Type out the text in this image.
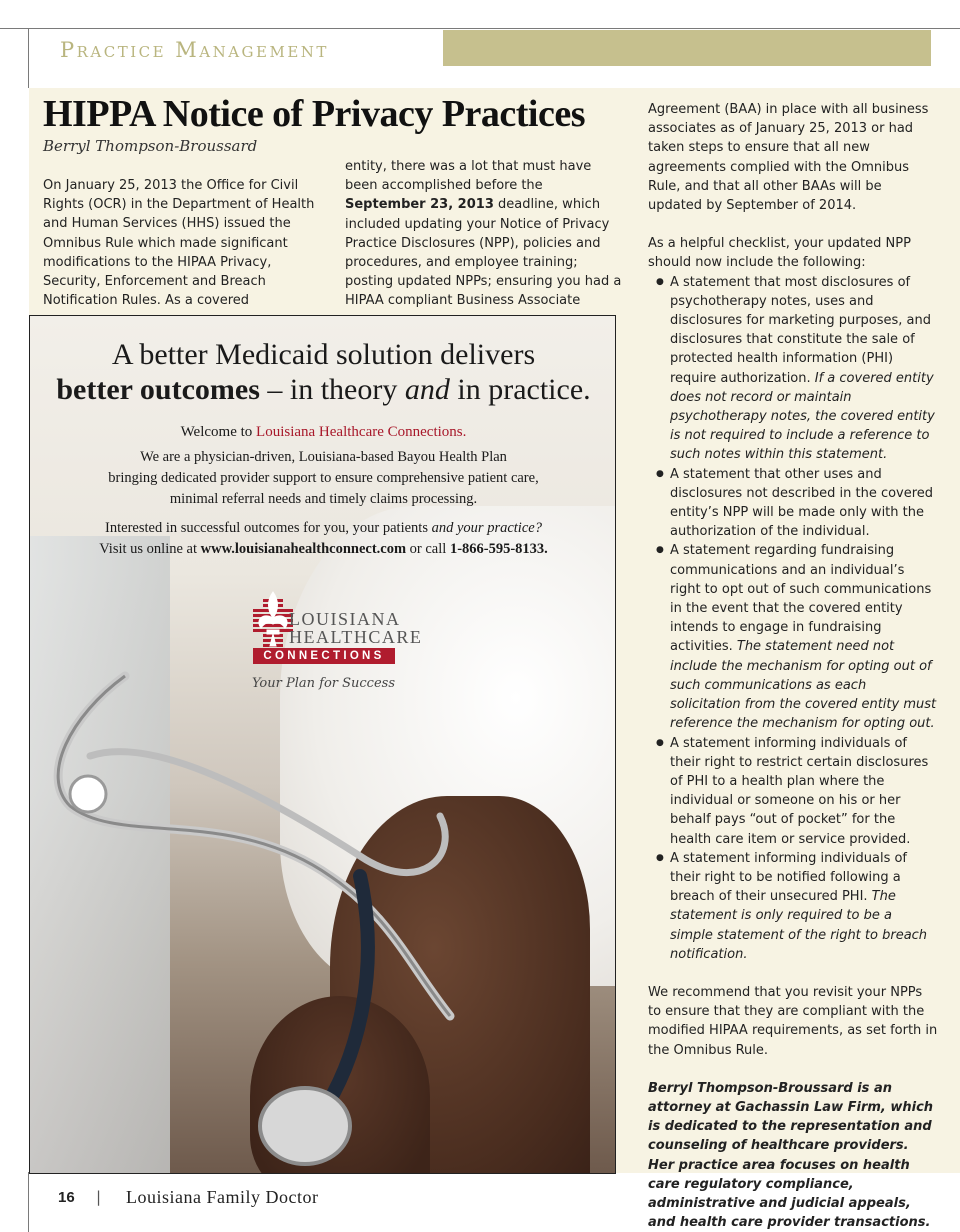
Practice Management
HIPPA Notice of Privacy Practices
Berryl Thompson-Broussard

On January 25, 2013 the Office for Civil Rights (OCR) in the Department of Health and Human Services (HHS) issued the Omnibus Rule which made significant modifications to the HIPAA Privacy, Security, Enforcement and Breach Notification Rules. As a covered

entity, there was a lot that must have been accomplished before the September 23, 2013 deadline, which included updating your Notice of Privacy Practice Disclosures (NPP), policies and procedures, and employee training; posting updated NPPs; ensuring you had a HIPAA compliant Business Associate

Agreement (BAA) in place with all business associates as of January 25, 2013 or had taken steps to ensure that all new agreements complied with the Omnibus Rule, and that all other BAAs will be updated by September of 2014.

As a helpful checklist, your updated NPP should now include the following:

● A statement that most disclosures of psychotherapy notes, uses and disclosures for marketing purposes, and disclosures that constitute the sale of protected health information (PHI) require authorization. If a covered entity does not record or maintain psychotherapy notes, the covered entity is not required to include a reference to such notes within this statement.
● A statement that other uses and disclosures not described in the covered entity’s NPP will be made only with the authorization of the individual.
● A statement regarding fundraising communications and an individual’s right to opt out of such communications in the event that the covered entity intends to engage in fundraising activities. The statement need not include the mechanism for opting out of such communications as each solicitation from the covered entity must reference the mechanism for opting out.
● A statement informing individuals of their right to restrict certain disclosures of PHI to a health plan where the individual or someone on his or her behalf pays “out of pocket” for the health care item or service provided.
● A statement informing individuals of their right to be notified following a breach of their unsecured PHI. The statement is only required to be a simple statement of the right to breach notification.

We recommend that you revisit your NPPs to ensure that they are compliant with the modified HIPAA requirements, as set forth in the Omnibus Rule.

Berryl Thompson-Broussard is an attorney at Gachassin Law Firm, which is dedicated to the representation and counseling of healthcare providers. Her practice area focuses on health care regulatory compliance, administrative and judicial appeals, and health care provider transactions.

A better Medicaid solution delivers
better outcomes – in theory and in practice.
Welcome to Louisiana Healthcare Connections.
We are a physician-driven, Louisiana-based Bayou Health Plan
bringing dedicated provider support to ensure comprehensive patient care,
minimal referral needs and timely claims processing.
Interested in successful outcomes for you, your patients and your practice?
Visit us online at www.louisianahealthconnect.com or call 1-866-595-8133.
LOUISIANA
HEALTHCARE
CONNECTIONS
Your Plan for Success
16 | Louisiana Family Doctor
